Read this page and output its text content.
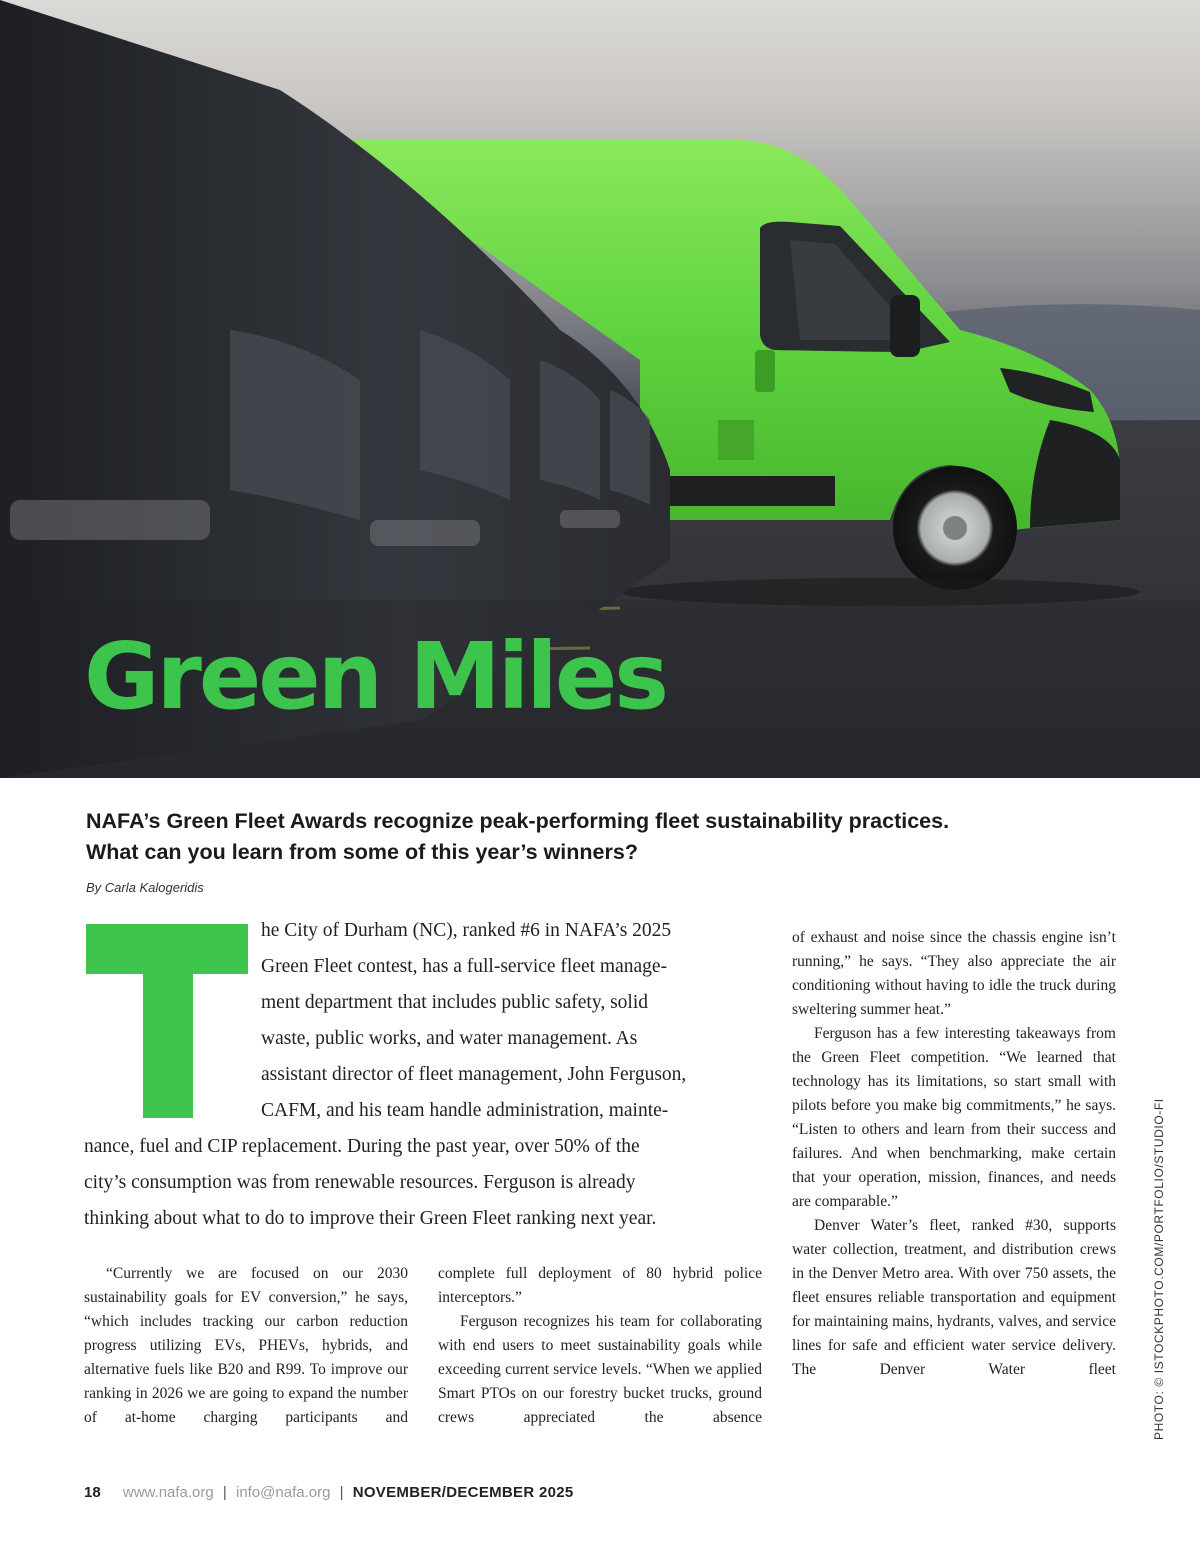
Green Miles
NAFA’s Green Fleet Awards recognize peak-performing fleet sustainability practices.
What can you learn from some of this year’s winners?
By Carla Kalogeridis
he City of Durham (NC), ranked #6 in NAFA’s 2025
Green Fleet contest, has a full-service fleet manage-
ment department that includes public safety, solid
waste, public works, and water management. As
assistant director of fleet management, John Ferguson,
CAFM, and his team handle administration, mainte-
nance, fuel and CIP replacement. During the past year, over 50% of the
city’s consumption was from renewable resources. Ferguson is already
thinking about what to do to improve their Green Fleet ranking next year.

“Currently we are focused on our 2030 sustainability goals for EV conversion,” he says, “which includes tracking our carbon reduction progress utilizing EVs, PHEVs, hybrids, and alternative fuels like B20 and R99. To improve our ranking in 2026 we are going to expand the number of at-home charging participants and

complete full deployment of 80 hybrid police interceptors.”

Ferguson recognizes his team for collaborating with end users to meet sustainability goals while exceeding current service levels. “When we applied Smart PTOs on our forestry bucket trucks, ground crews appreciated the absence

of exhaust and noise since the chassis engine isn’t running,” he says. “They also appreciate the air conditioning without having to idle the truck during sweltering summer heat.”

Ferguson has a few interesting takeaways from the Green Fleet competition. “We learned that technology has its limitations, so start small with pilots before you make big commitments,” he says. “Listen to others and learn from their success and failures. And when benchmarking, make certain that your operation, mission, finances, and needs are comparable.”

Denver Water’s fleet, ranked #30, supports water collection, treatment, and distribution crews in the Denver Metro area. With over 750 assets, the fleet ensures reliable transportation and equipment for maintaining mains, hydrants, valves, and service lines for safe and efficient water service delivery. The Denver Water fleet	PHOTO: © ISTOCKPHOTO.COM/PORTFOLIO/STUDIO-FI
18 www.nafa.org | info@nafa.org | NOVEMBER/DECEMBER 2025
